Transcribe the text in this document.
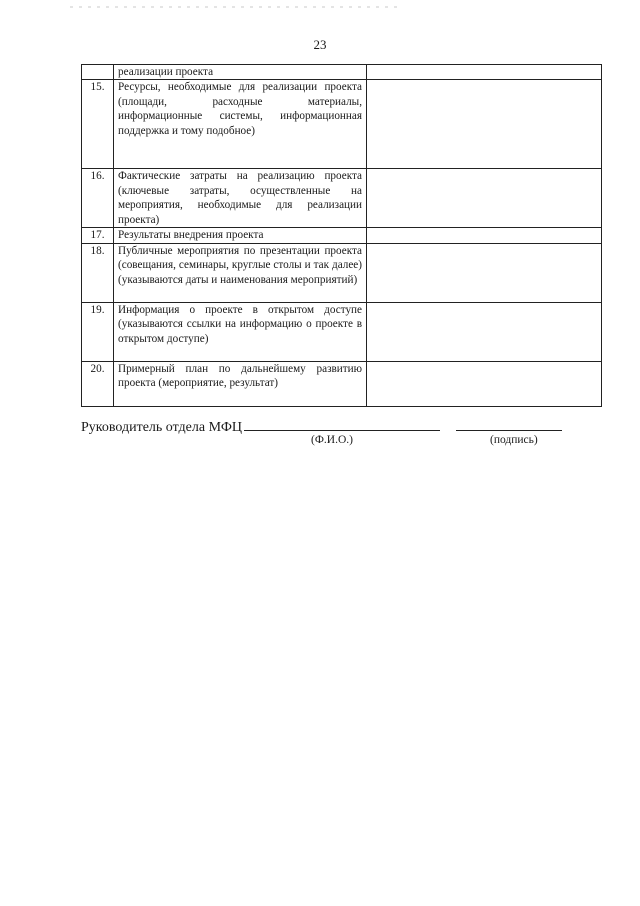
23
	реализации проекта	
15.	Ресурсы, необходимые для реализации проекта (площади, расходные материалы, информационные системы, информационная поддержка и тому подобное)	
16.	Фактические затраты на реализацию проекта (ключевые затраты, осуществленные на мероприятия, необходимые для реализации проекта)	
17.	Результаты внедрения проекта	
18.	Публичные мероприятия по презентации проекта (совещания, семинары, круглые столы и так далее) (указываются даты и наименования мероприятий)	
19.	Информация о проекте в открытом доступе (указываются ссылки на информацию о проекте в открытом доступе)	
20.	Примерный план по дальнейшему развитию проекта (мероприятие, результат)	
Руководитель отдела МФЦ
(Ф.И.О.)	(подпись)
